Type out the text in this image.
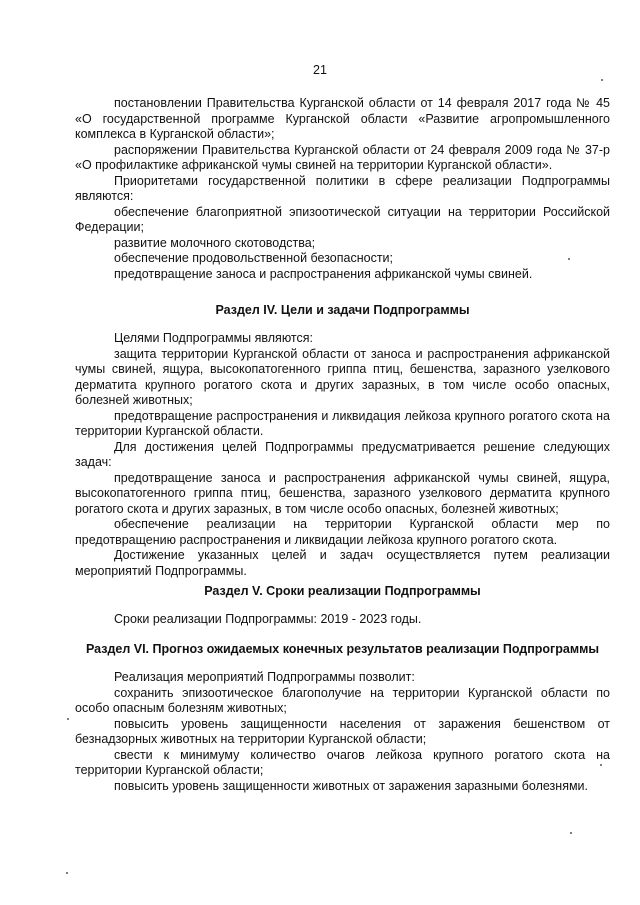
21

постановлении Правительства Курганской области от 14 февраля 2017 года № 45 «О государственной программе Курганской области «Развитие агропромышленного комплекса в Курганской области»;

распоряжении Правительства Курганской области от 24 февраля 2009 года № 37-р «О профилактике африканской чумы свиней на территории Курганской области».

Приоритетами государственной политики в сфере реализации Подпрограммы являются:

обеспечение благоприятной эпизоотической ситуации на территории Российской Федерации;

развитие молочного скотоводства;

обеспечение продовольственной безопасности;

предотвращение заноса и распространения африканской чумы свиней.

Раздел IV. Цели и задачи Подпрограммы

Целями Подпрограммы являются:

защита территории Курганской области от заноса и распространения африканской чумы свиней, ящура, высокопатогенного гриппа птиц, бешенства, заразного узелкового дерматита крупного рогатого скота и других заразных, в том числе особо опасных, болезней животных;

предотвращение распространения и ликвидация лейкоза крупного рогатого скота на территории Курганской области.

Для достижения целей Подпрограммы предусматривается решение следующих задач:

предотвращение заноса и распространения африканской чумы свиней, ящура, высокопатогенного гриппа птиц, бешенства, заразного узелкового дерматита крупного рогатого скота и других заразных, в том числе особо опасных, болезней животных;

обеспечение реализации на территории Курганской области мер по предотвращению распространения и ликвидации лейкоза крупного рогатого скота.

Достижение указанных целей и задач осуществляется путем реализации мероприятий Подпрограммы.

Раздел V. Сроки реализации Подпрограммы

Сроки реализации Подпрограммы: 2019 - 2023 годы.

Раздел VI. Прогноз ожидаемых конечных результатов реализации Подпрограммы

Реализация мероприятий Подпрограммы позволит:

сохранить эпизоотическое благополучие на территории Курганской области по особо опасным болезням животных;

повысить уровень защищенности населения от заражения бешенством от безнадзорных животных на территории Курганской области;

свести к минимуму количество очагов лейкоза крупного рогатого скота на территории Курганской области;

повысить уровень защищенности животных от заражения заразными болезнями.
